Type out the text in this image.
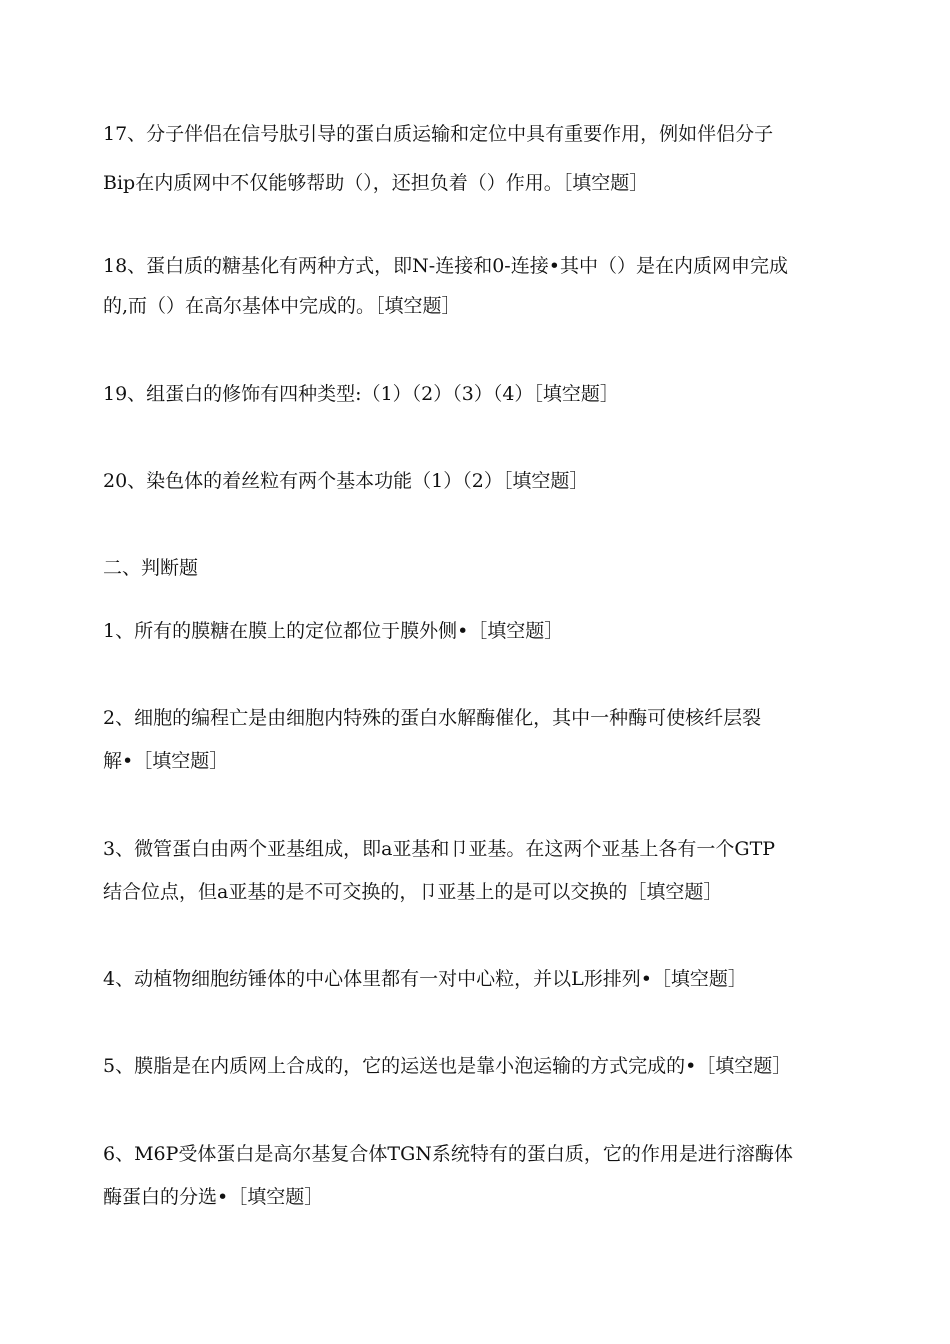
17、分子伴侣在信号肽引导的蛋白质运输和定位中具有重要作用，例如伴侣分子
Bip在内质网中不仅能够帮助（），还担负着（）作用。［填空题］
18、蛋白质的糖基化有两种方式，即N-连接和0-连接•其中（）是在内质网申完成
的,而（）在高尔基体中完成的。［填空题］
19、组蛋白的修饰有四种类型:（1）（2）（3）（4）［填空题］
20、染色体的着丝粒有两个基本功能（1）（2）［填空题］
二、判断题
1、所有的膜糖在膜上的定位都位于膜外侧•［填空题］
2、细胞的编程亡是由细胞内特殊的蛋白水解酶催化，其中一种酶可使核纤层裂
解•［填空题］
3、微管蛋白由两个亚基组成，即a亚基和卩亚基。在这两个亚基上各有一个GTP
结合位点，但a亚基的是不可交换的，卩亚基上的是可以交换的［填空题］
4、动植物细胞纺锤体的中心体里都有一对中心粒，并以L形排列•［填空题］
5、膜脂是在内质网上合成的，它的运送也是靠小泡运输的方式完成的•［填空题］
6、M6P受体蛋白是高尔基复合体TGN系统特有的蛋白质，它的作用是进行溶酶体
酶蛋白的分选•［填空题］
